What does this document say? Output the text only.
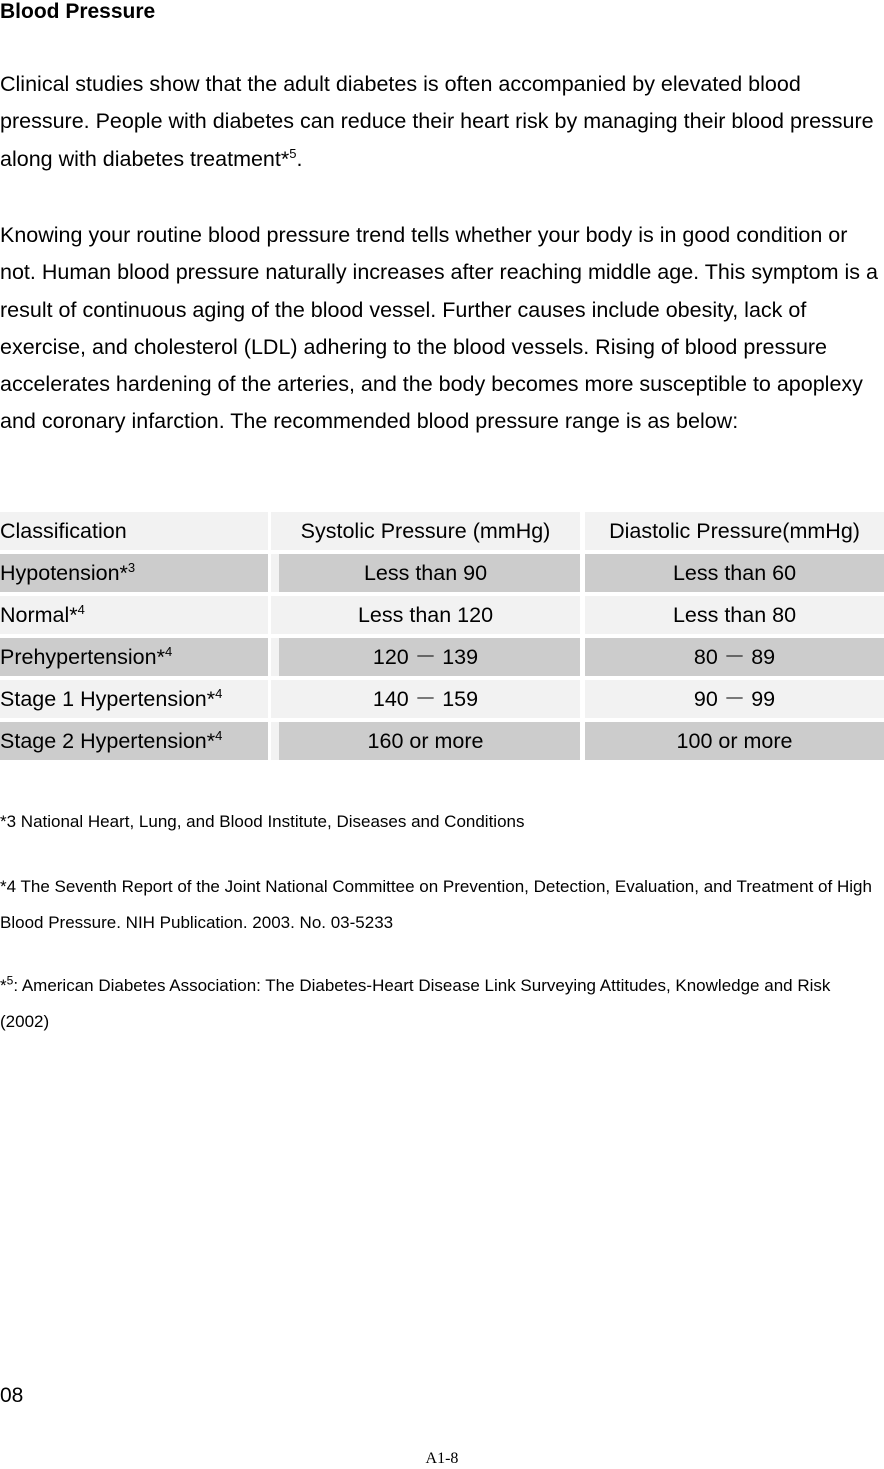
Blood Pressure

Clinical studies show that the adult diabetes is often accompanied by elevated blood pressure. People with diabetes can reduce their heart risk by managing their blood pressure along with diabetes treatment*$^5$.

Knowing your routine blood pressure trend tells whether your body is in good condition or not. Human blood pressure naturally increases after reaching middle age. This symptom is a result of continuous aging of the blood vessel. Further causes include obesity, lack of exercise, and cholesterol (LDL) adhering to the blood vessels. Rising of blood pressure accelerates hardening of the arteries, and the body becomes more susceptible to apoplexy and coronary infarction. The recommended blood pressure range is as below:

Classification	Systolic Pressure (mmHg)	Diastolic Pressure(mmHg)
Hypotension*$^3$	Less than 90	Less than 60
Normal*$^4$	Less than 120	Less than 80
Prehypertension*$^4$	120 － 139	80 － 89
Stage 1 Hypertension*$^4$	140 － 159	90 － 99
Stage 2 Hypertension*$^4$	160 or more	100 or more

*3 National Heart, Lung, and Blood Institute, Diseases and Conditions

*4 The Seventh Report of the Joint National Committee on Prevention, Detection, Evaluation, and Treatment of High Blood Pressure. NIH Publication. 2003. No. 03-5233

*$^5$: American Diabetes Association: The Diabetes-Heart Disease Link Surveying Attitudes, Knowledge and Risk (2002)

08
A1-8
